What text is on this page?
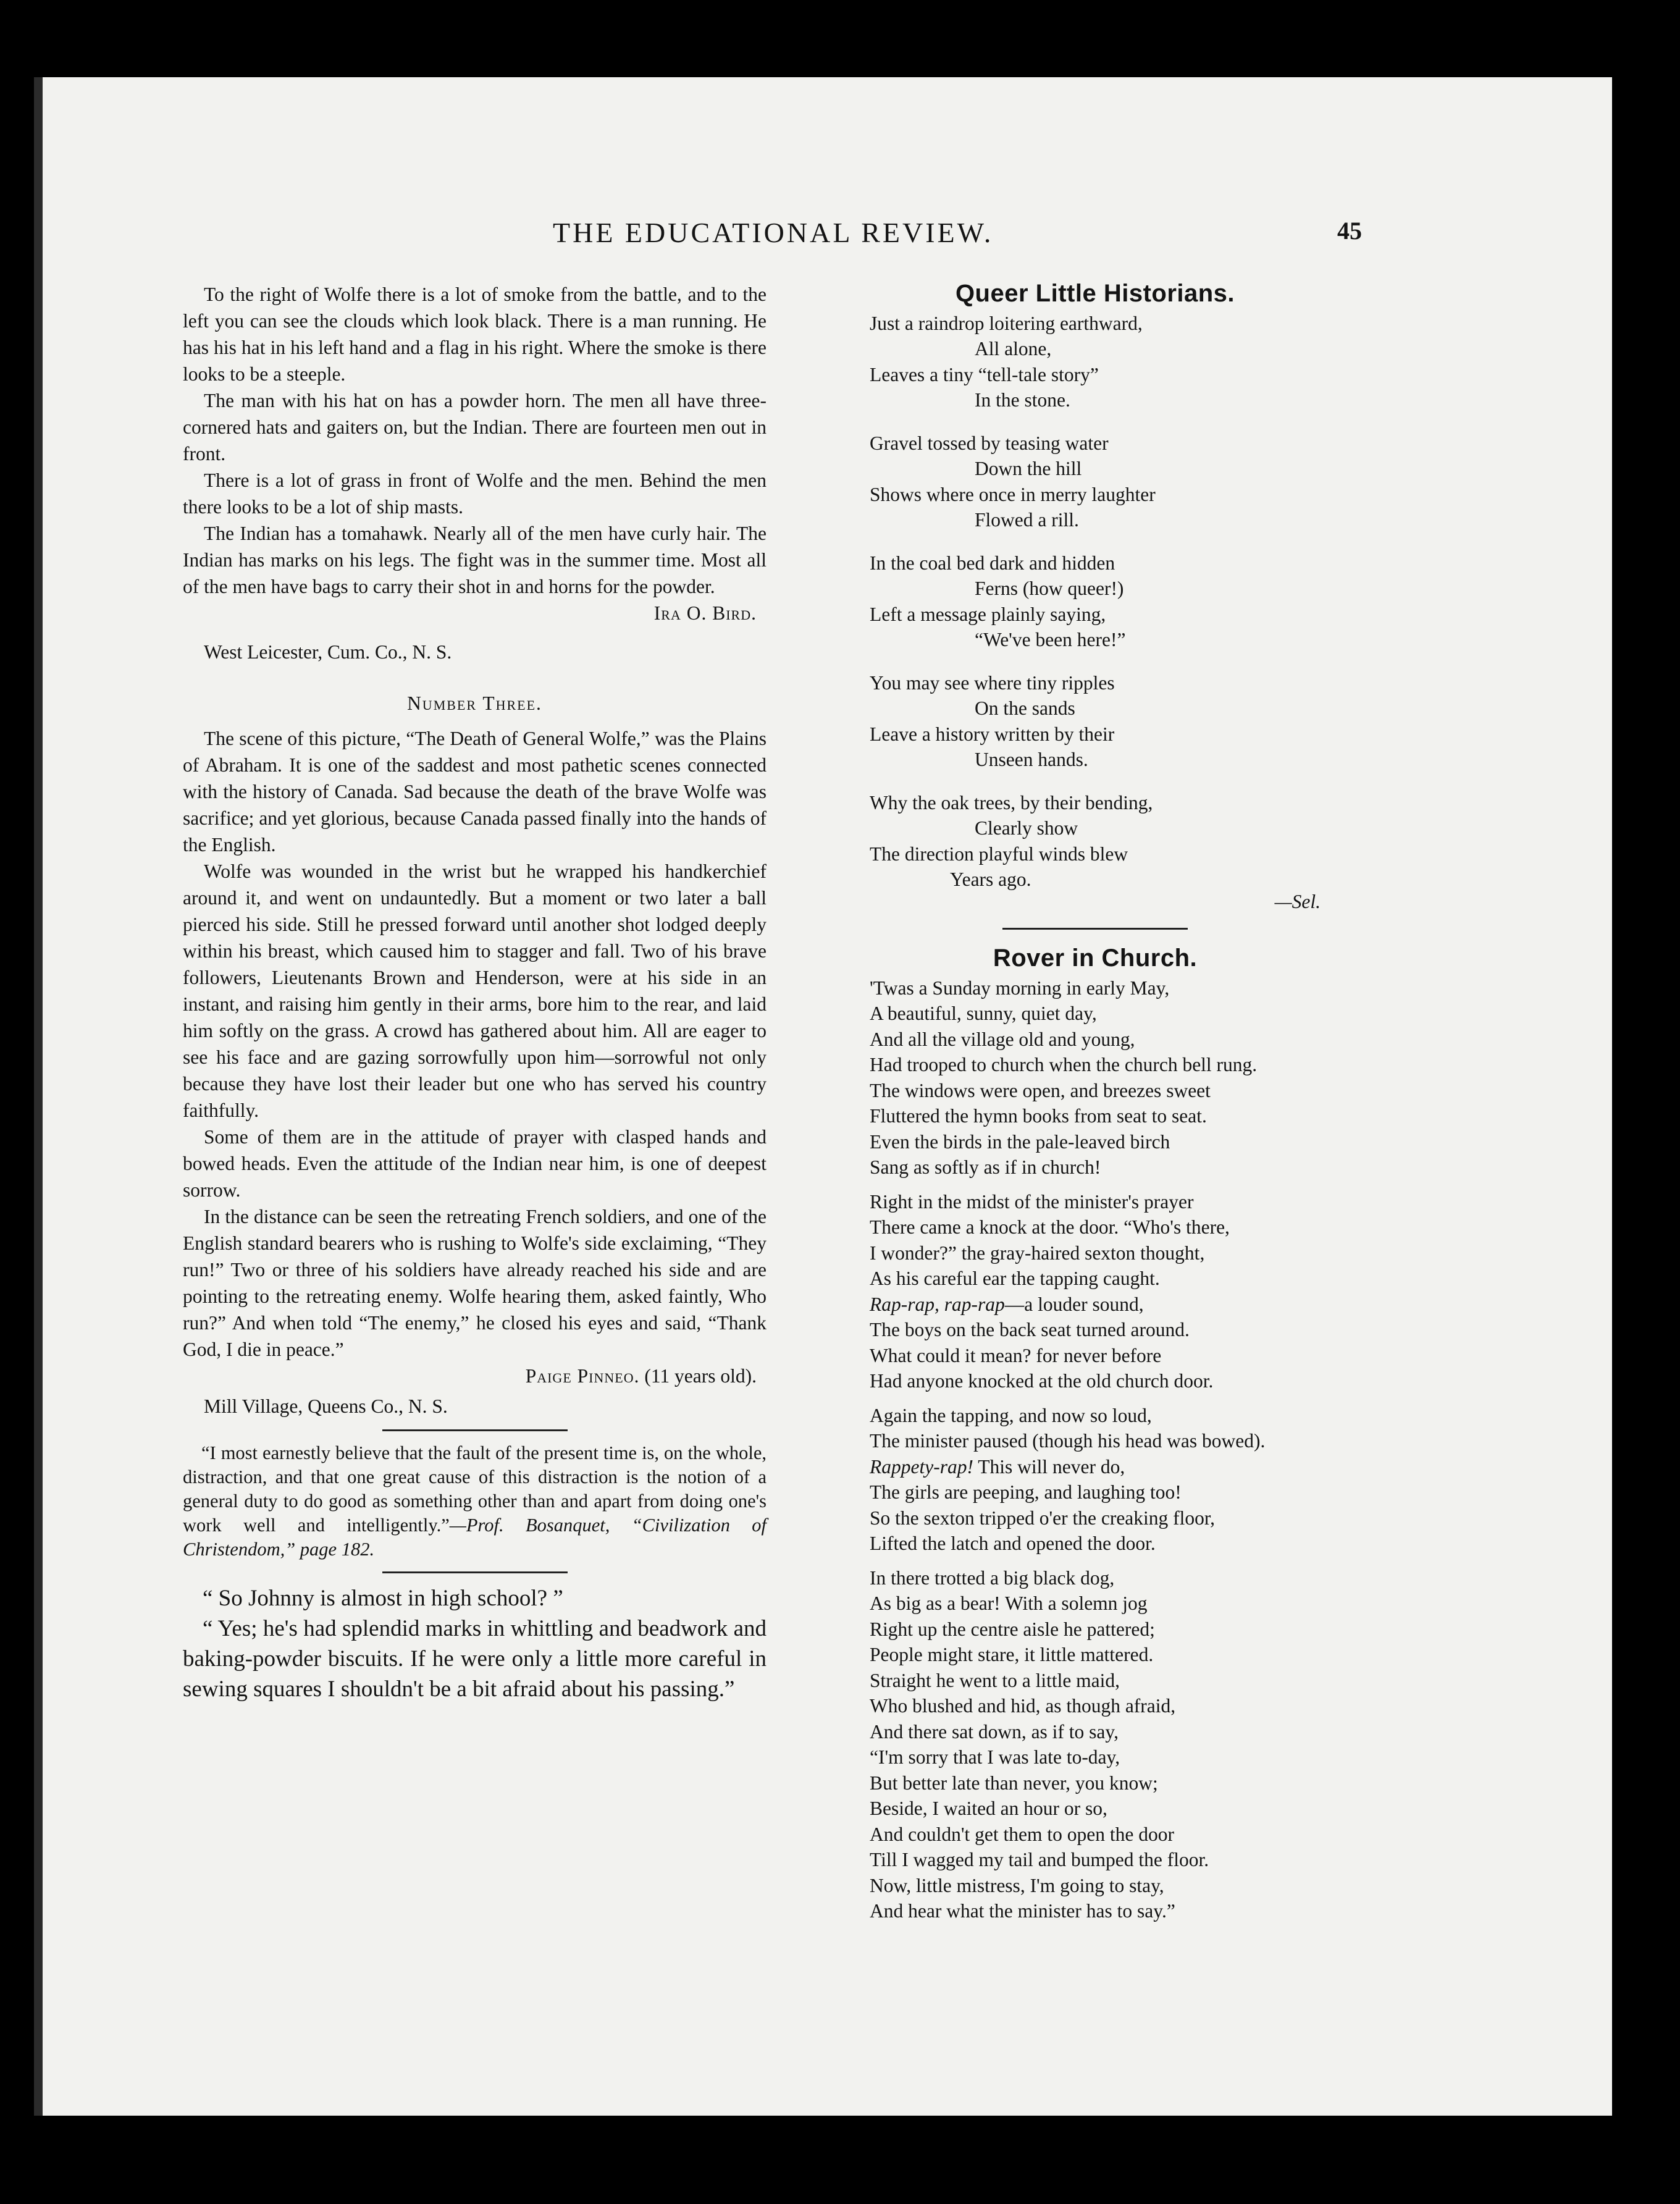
THE EDUCATIONAL REVIEW.	45

To the right of Wolfe there is a lot of smoke from the battle, and to the left you can see the clouds which look black. There is a man running. He has his hat in his left hand and a flag in his right. Where the smoke is there looks to be a steeple.

The man with his hat on has a powder horn. The men all have three-cornered hats and gaiters on, but the Indian. There are fourteen men out in front.

There is a lot of grass in front of Wolfe and the men. Behind the men there looks to be a lot of ship masts.

The Indian has a tomahawk. Nearly all of the men have curly hair. The Indian has marks on his legs. The fight was in the summer time. Most all of the men have bags to carry their shot in and horns for the powder.

Ira O. Bird.

West Leicester, Cum. Co., N. S.

Number Three.

The scene of this picture, “The Death of General Wolfe,” was the Plains of Abraham. It is one of the saddest and most pathetic scenes connected with the history of Canada. Sad because the death of the brave Wolfe was sacrifice; and yet glorious, because Canada passed finally into the hands of the English.

Wolfe was wounded in the wrist but he wrapped his handkerchief around it, and went on undauntedly. But a moment or two later a ball pierced his side. Still he pressed forward until another shot lodged deeply within his breast, which caused him to stagger and fall. Two of his brave followers, Lieutenants Brown and Henderson, were at his side in an instant, and raising him gently in their arms, bore him to the rear, and laid him softly on the grass. A crowd has gathered about him. All are eager to see his face and are gazing sorrowfully upon him—sorrowful not only because they have lost their leader but one who has served his country faithfully.

Some of them are in the attitude of prayer with clasped hands and bowed heads. Even the attitude of the Indian near him, is one of deepest sorrow.

In the distance can be seen the retreating French soldiers, and one of the English standard bearers who is rushing to Wolfe's side exclaiming, “They run!” Two or three of his soldiers have already reached his side and are pointing to the retreating enemy. Wolfe hearing them, asked faintly, Who run?” And when told “The enemy,” he closed his eyes and said, “Thank God, I die in peace.”

Paige Pinneo. (11 years old).

Mill Village, Queens Co., N. S.

“I most earnestly believe that the fault of the present time is, on the whole, distraction, and that one great cause of this distraction is the notion of a general duty to do good as something other than and apart from doing one's work well and intelligently.”—Prof. Bosanquet, “Civilization of Christendom,” page 182.

“ So Johnny is almost in high school? ”

“ Yes; he's had splendid marks in whittling and beadwork and baking-powder biscuits. If he were only a little more careful in sewing squares I shouldn't be a bit afraid about his passing.”

Queer Little Historians.
Just a raindrop loitering earthward,
All alone,
Leaves a tiny “tell-tale story”
In the stone.
Gravel tossed by teasing water
Down the hill
Shows where once in merry laughter
Flowed a rill.
In the coal bed dark and hidden
Ferns (how queer!)
Left a message plainly saying,
“We've been here!”
You may see where tiny ripples
On the sands
Leave a history written by their
Unseen hands.
Why the oak trees, by their bending,
Clearly show
The direction playful winds blew
Years ago.
—Sel.
Rover in Church.
'Twas a Sunday morning in early May,
A beautiful, sunny, quiet day,
And all the village old and young,
Had trooped to church when the church bell rung.
The windows were open, and breezes sweet
Fluttered the hymn books from seat to seat.
Even the birds in the pale-leaved birch
Sang as softly as if in church!
Right in the midst of the minister's prayer
There came a knock at the door. “Who's there,
I wonder?” the gray-haired sexton thought,
As his careful ear the tapping caught.
Rap-rap, rap-rap—a louder sound,
The boys on the back seat turned around.
What could it mean? for never before
Had anyone knocked at the old church door.
Again the tapping, and now so loud,
The minister paused (though his head was bowed).
Rappety-rap! This will never do,
The girls are peeping, and laughing too!
So the sexton tripped o'er the creaking floor,
Lifted the latch and opened the door.
In there trotted a big black dog,
As big as a bear! With a solemn jog
Right up the centre aisle he pattered;
People might stare, it little mattered.
Straight he went to a little maid,
Who blushed and hid, as though afraid,
And there sat down, as if to say,
“I'm sorry that I was late to-day,
But better late than never, you know;
Beside, I waited an hour or so,
And couldn't get them to open the door
Till I wagged my tail and bumped the floor.
Now, little mistress, I'm going to stay,
And hear what the minister has to say.”
